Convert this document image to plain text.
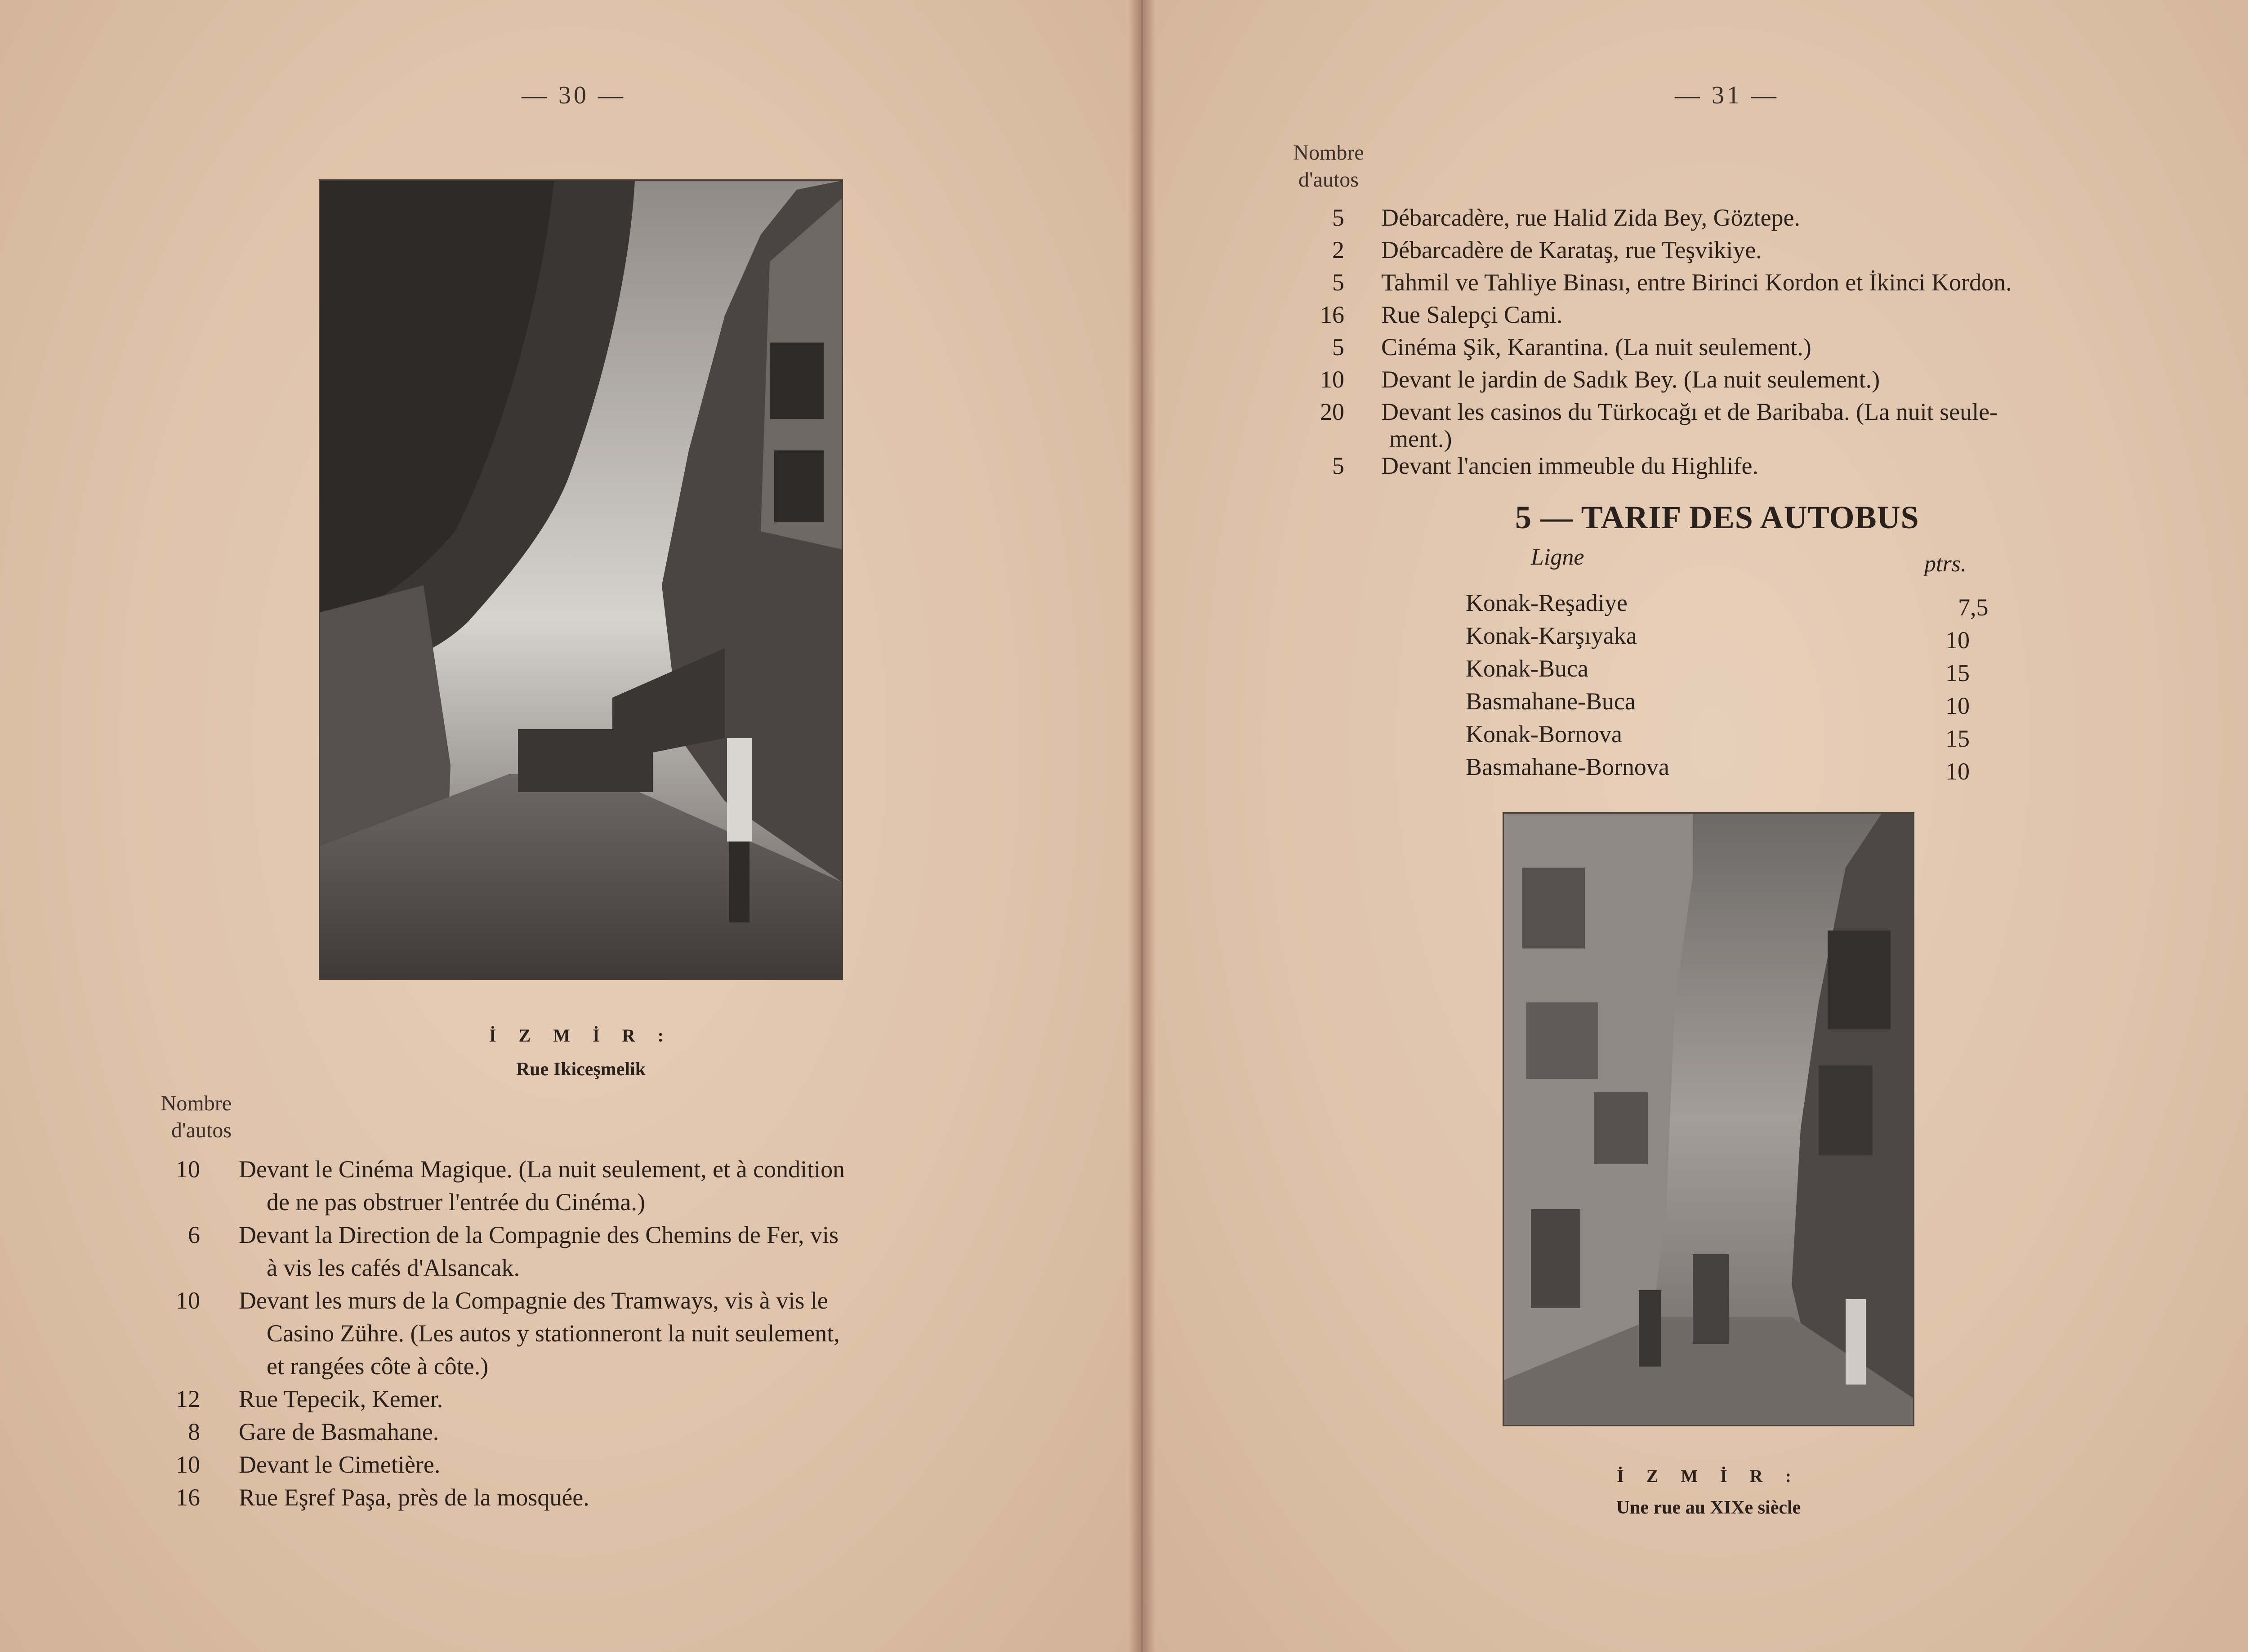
— 30 —
İ Z M İ R :
Rue Ikiceşmelik
Nombre
d'autos
10 Devant le Cinéma Magique. (La nuit seulement, et à condition
de ne pas obstruer l'entrée du Cinéma.)
6 Devant la Direction de la Compagnie des Chemins de Fer, vis
à vis les cafés d'Alsancak.
10 Devant les murs de la Compagnie des Tramways, vis à vis le
Casino Zühre. (Les autos y stationneront la nuit seulement,
et rangées côte à côte.)
12 Rue Tepecik, Kemer.
8 Gare de Basmahane.
10 Devant le Cimetière.
16 Rue Eşref Paşa, près de la mosquée.
— 31 —
Nombre
d'autos
5 Débarcadère, rue Halid Zida Bey, Göztepe.
2 Débarcadère de Karataş, rue Teşvikiye.
5 Tahmil ve Tahliye Binası, entre Birinci Kordon et İkinci Kordon.
16 Rue Salepçi Cami.
5 Cinéma Şik, Karantina. (La nuit seulement.)
10 Devant le jardin de Sadık Bey. (La nuit seulement.)
20 Devant les casinos du Türkocağı et de Baribaba. (La nuit seule-
ment.)
5 Devant l'ancien immeuble du Highlife.
5 — TARIF DES AUTOBUS
Ligne	ptrs.
Konak-Reşadiye	7,5
Konak-Karşıyaka	10
Konak-Buca	15
Basmahane-Buca	10
Konak-Bornova	15
Basmahane-Bornova	10
İ Z M İ R :
Une rue au XIXe siècle
